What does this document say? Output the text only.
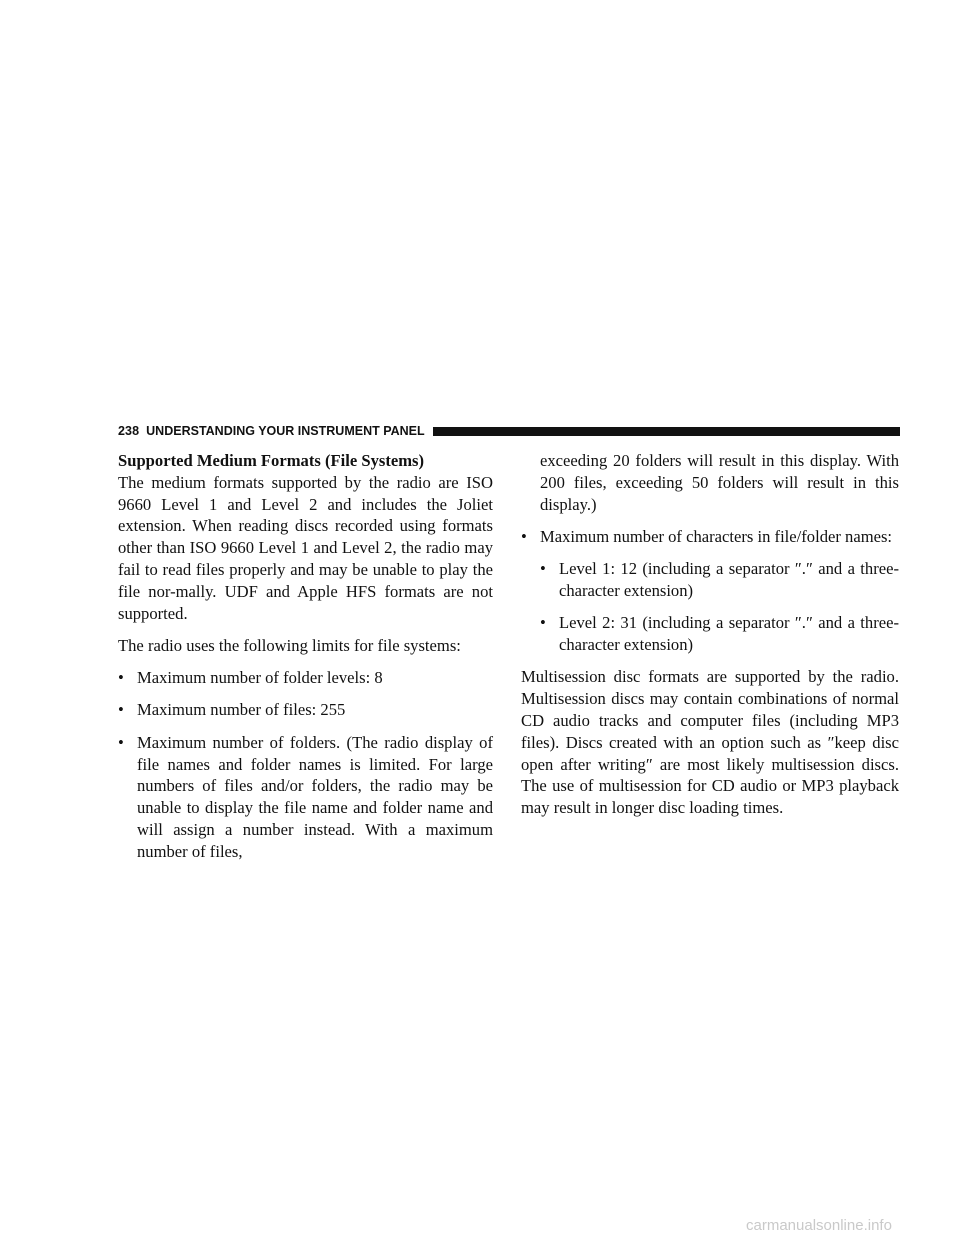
238 UNDERSTANDING YOUR INSTRUMENT PANEL
Supported Medium Formats (File Systems)

The medium formats supported by the radio are ISO 9660 Level 1 and Level 2 and includes the Joliet extension. When reading discs recorded using formats other than ISO 9660 Level 1 and Level 2, the radio may fail to read files properly and may be unable to play the file nor-mally. UDF and Apple HFS formats are not supported.

The radio uses the following limits for file systems:

• Maximum number of folder levels: 8
• Maximum number of files: 255
• Maximum number of folders. (The radio display of file names and folder names is limited. For large numbers of files and/or folders, the radio may be unable to display the file name and folder name and will assign a number instead. With a maximum number of files,
exceeding 20 folders will result in this display. With 200 files, exceeding 50 folders will result in this display.)
• Maximum number of characters in file/folder names:
• Level 1: 12 (including a separator ″.″ and a three-character extension)
• Level 2: 31 (including a separator ″.″ and a three-character extension)

Multisession disc formats are supported by the radio. Multisession discs may contain combinations of normal CD audio tracks and computer files (including MP3 files). Discs created with an option such as ″keep disc open after writing″ are most likely multisession discs. The use of multisession for CD audio or MP3 playback may result in longer disc loading times.

carmanualsonline.info
